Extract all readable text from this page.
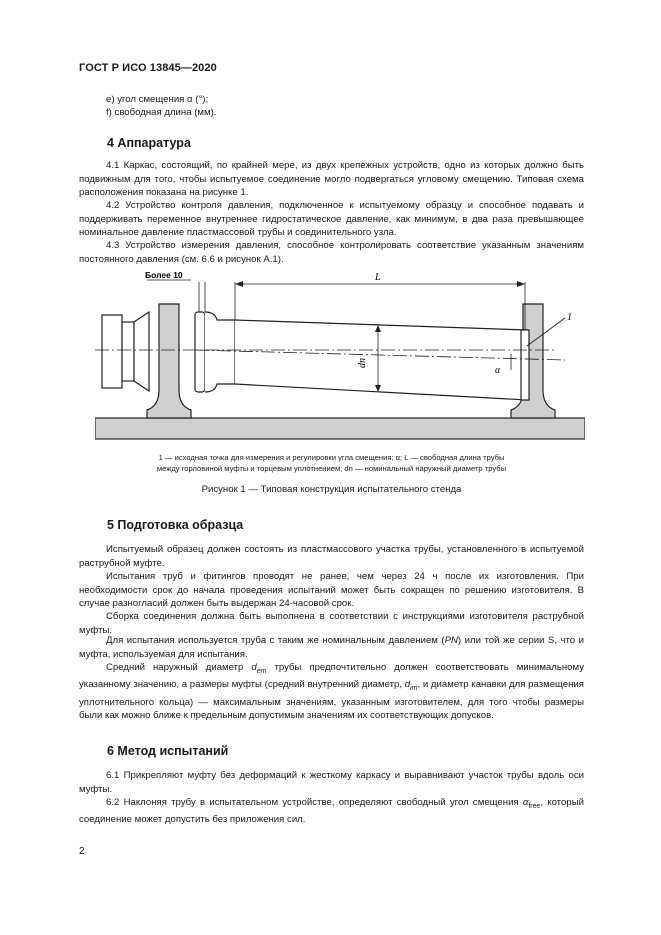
ГОСТ Р ИСО 13845—2020

е) угол смещения α (°);

f) свободная длина (мм).

4 Аппаратура

4.1 Каркас, состоящий, по крайней мере, из двух крепежных устройств, одно из которых должно быть подвижным для того, чтобы испытуемое соединение могло подвергаться угловому смещению. Типовая схема расположения показана на рисунке 1.

4.2 Устройство контроля давления, подключенное к испытуемому образцу и способное подавать и поддерживать переменное внутреннее гидростатическое давление, как минимум, в два раза превышающее номинальное давление пластмассовой трубы и соединительного узла.

4.3 Устройство измерения давления, способное контролировать соответствие указанным значениям постоянного давления (см. 6.6 и рисунок А.1).

dn
α
L
Более 10
1

1 — исходная точка для измерения и регулировки угла смещения; α; L — свободная длина трубы

между горловиной муфты и торцевым уплотнением; dn — номинальный наружный диаметр трубы

Рисунок 1 — Типовая конструкция испытательного стенда

5 Подготовка образца

Испытуемый образец должен состоять из пластмассового участка трубы, установленного в испытуемой раструбной муфте.

Испытания труб и фитингов проводят не ранее, чем через 24 ч после их изготовления. При необходимости срок до начала проведения испытаний может быть сокращен по решению изготовителя. В случае разногласий должен быть выдержан 24-часовой срок.

Сборка соединения должна быть выполнена в соответствии с инструкциями изготовителя раструбной муфты.

Для испытания используется труба с таким же номинальным давлением (PN) или той же серии S, что и муфта, используемая для испытания.

Средний наружный диаметр $d_{em}$ трубы предпочтительно должен соответствовать минимальному указанному значению, а размеры муфты (средний внутренний диаметр, $d_{im}$, и диаметр канавки для размещения уплотнительного кольца) — максимальным значениям, указанным изготовителем, для того чтобы размеры были как можно ближе к предельным допустимым значениям их соответствующих допусков.

6 Метод испытаний

6.1 Прикрепляют муфту без деформаций к жесткому каркасу и выравнивают участок трубы вдоль оси муфты.

6.2 Наклоняя трубу в испытательном устройстве, определяют свободный угол смещения $\alpha_{free}$, который соединение может допустить без приложения сил.

2
